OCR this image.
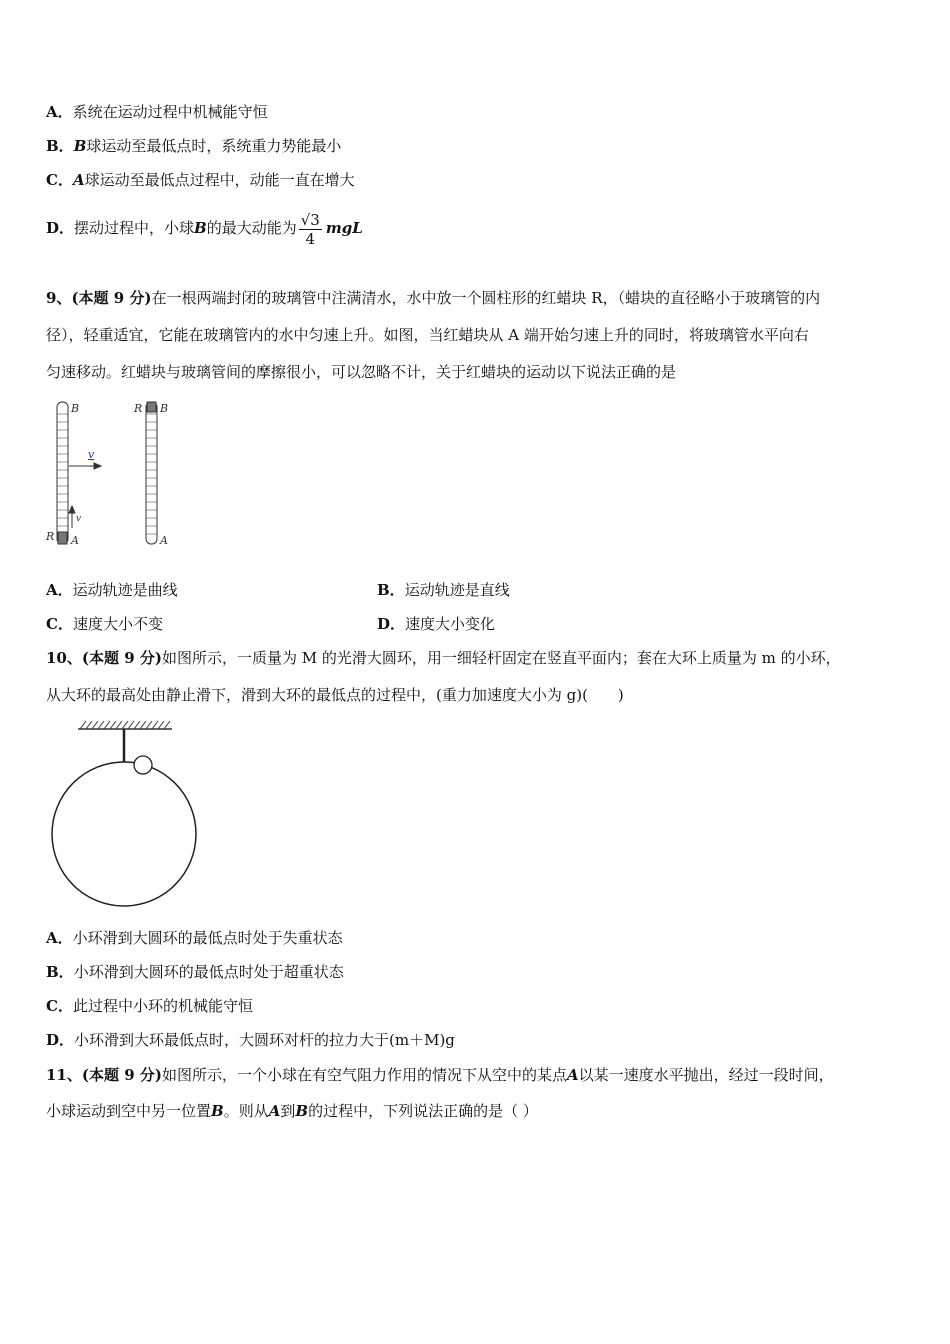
A．系统在运动过程中机械能守恒
B．B球运动至最低点时，系统重力势能最小
C．A球运动至最低点过程中，动能一直在增大
D．摆动过程中，小球B的最大动能为 $\frac{√3}{4}$ mgL
9、(本题 9 分)在一根两端封闭的玻璃管中注满清水，水中放一个圆柱形的红蜡块 R，（蜡块的直径略小于玻璃管的内
径），轻重适宜，它能在玻璃管内的水中匀速上升。如图，当红蜡块从 A 端开始匀速上升的同时，将玻璃管水平向右
匀速移动。红蜡块与玻璃管间的摩擦很小，可以忽略不计，关于红蜡块的运动以下说法正确的是
B
R A
v
v
R B
A
A．运动轨迹是曲线	B．运动轨迹是直线
C．速度大小不变	D．速度大小变化
10、(本题 9 分)如图所示，一质量为 M 的光滑大圆环，用一细轻杆固定在竖直平面内；套在大环上质量为 m 的小环，
从大环的最高处由静止滑下，滑到大环的最低点的过程中，(重力加速度大小为 g)(　　)
A．小环滑到大圆环的最低点时处于失重状态
B．小环滑到大圆环的最低点时处于超重状态
C．此过程中小环的机械能守恒
D．小环滑到大环最低点时，大圆环对杆的拉力大于(m＋M)g
11、(本题 9 分)如图所示，一个小球在有空气阻力作用的情况下从空中的某点A以某一速度水平抛出，经过一段时间，
小球运动到空中另一位置B。则从A到B的过程中，下列说法正确的是（ ）
